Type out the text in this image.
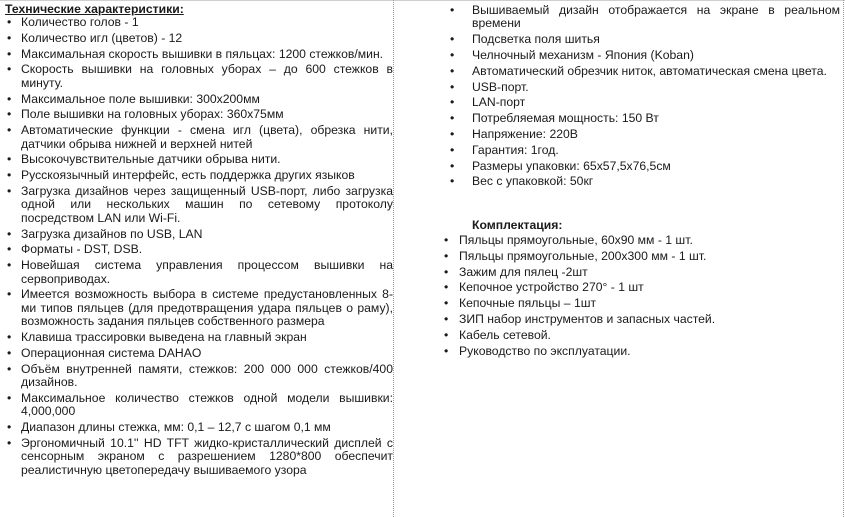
Технические характеристики:
• Количество голов - 1
• Количество игл (цветов) - 12
• Максимальная скорость вышивки в пяльцах: 1200 стежков/мин.
• Скорость вышивки на головных уборах – до 600 стежков в минуту.
• Максимальное поле вышивки: 300x200мм
• Поле вышивки на головных уборах: 360x75мм
• Автоматические функции - смена игл (цвета), обрезка нити, датчики обрыва нижней и верхней нитей
• Высокочувствительные датчики обрыва нити.
• Русскоязычный интерфейс, есть поддержка других языков
• Загрузка дизайнов через защищенный USB-порт, либо загрузка одной или нескольких машин по сетевому протоколу посредством LAN или Wi-Fi.
• Загрузка дизайнов по USB, LAN
• Форматы - DST, DSB.
• Новейшая система управления процессом вышивки на сервоприводах.
• Имеется возможность выбора в системе предустановленных 8-ми типов пяльцев (для предотвращения удара пяльцев о раму), возможность задания пяльцев собственного размера
• Клавиша трассировки выведена на главный экран
• Операционная система DAHAO
• Объём внутренней памяти, стежков: 200 000 000 стежков/400 дизайнов.
• Максимальное количество стежков одной модели вышивки: 4,000,000
• Диапазон длины стежка, мм: 0,1 – 12,7 с шагом 0,1 мм
• Эргономичный 10.1'' HD TFT жидко-кристаллический дисплей с сенсорным экраном с разрешением 1280*800 обеспечит реалистичную цветопередачу вышиваемого узора
• Вышиваемый дизайн отображается на экране в реальном времени
• Подсветка поля шитья
• Челночный механизм - Япония (Koban)
• Автоматический обрезчик ниток, автоматическая смена цвета.
• USB-порт.
• LAN-порт
• Потребляемая мощность: 150 Вт
• Напряжение: 220В
• Гарантия: 1год.
• Размеры упаковки: 65x57,5x76,5см
• Вес с упаковкой: 50кг
Комплектация:
• Пяльцы прямоугольные, 60x90 мм - 1 шт.
• Пяльцы прямоугольные, 200x300 мм - 1 шт.
• Зажим для пялец -2шт
• Кепочное устройство 270° - 1 шт
• Кепочные пяльцы – 1шт
• ЗИП набор инструментов и запасных частей.
• Кабель сетевой.
• Руководство по эксплуатации.
